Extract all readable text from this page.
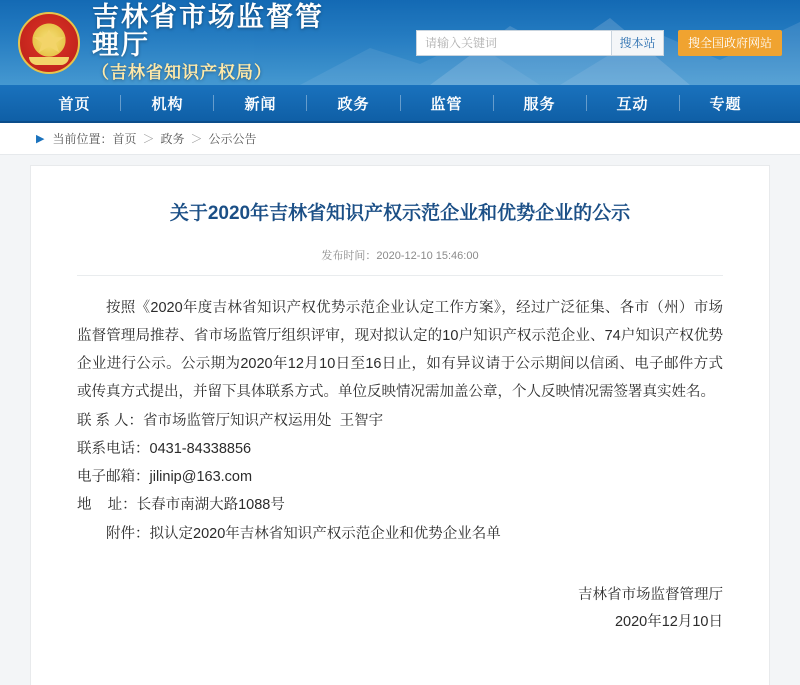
吉林省市场监督管理厅
（吉林省知识产权局）
请输入关键词
搜本站	搜全国政府网站
首页	机构	新闻	政务	监管	服务	互动	专题
▶ 当前位置： 首页 ＞ 政务 ＞ 公示公告
关于2020年吉林省知识产权示范企业和优势企业的公示
发布时间：2020-12-10 15:46:00

按照《2020年度吉林省知识产权优势示范企业认定工作方案》，经过广泛征集、各市（州）市场监督管理局推荐、省市场监管厅组织评审，现对拟认定的10户知识产权示范企业、74户知识产权优势企业进行公示。公示期为2020年12月10日至16日止，如有异议请于公示期间以信函、电子邮件方式或传真方式提出，并留下具体联系方式。单位反映情况需加盖公章，个人反映情况需签署真实姓名。

联 系 人：省市场监管厅知识产权运用处  王智宇

联系电话：0431-84338856

电子邮箱：jilinip@163.com

地    址：长春市南湖大路1088号

附件：拟认定2020年吉林省知识产权示范企业和优势企业名单

吉林省市场监督管理厅
2020年12月10日
